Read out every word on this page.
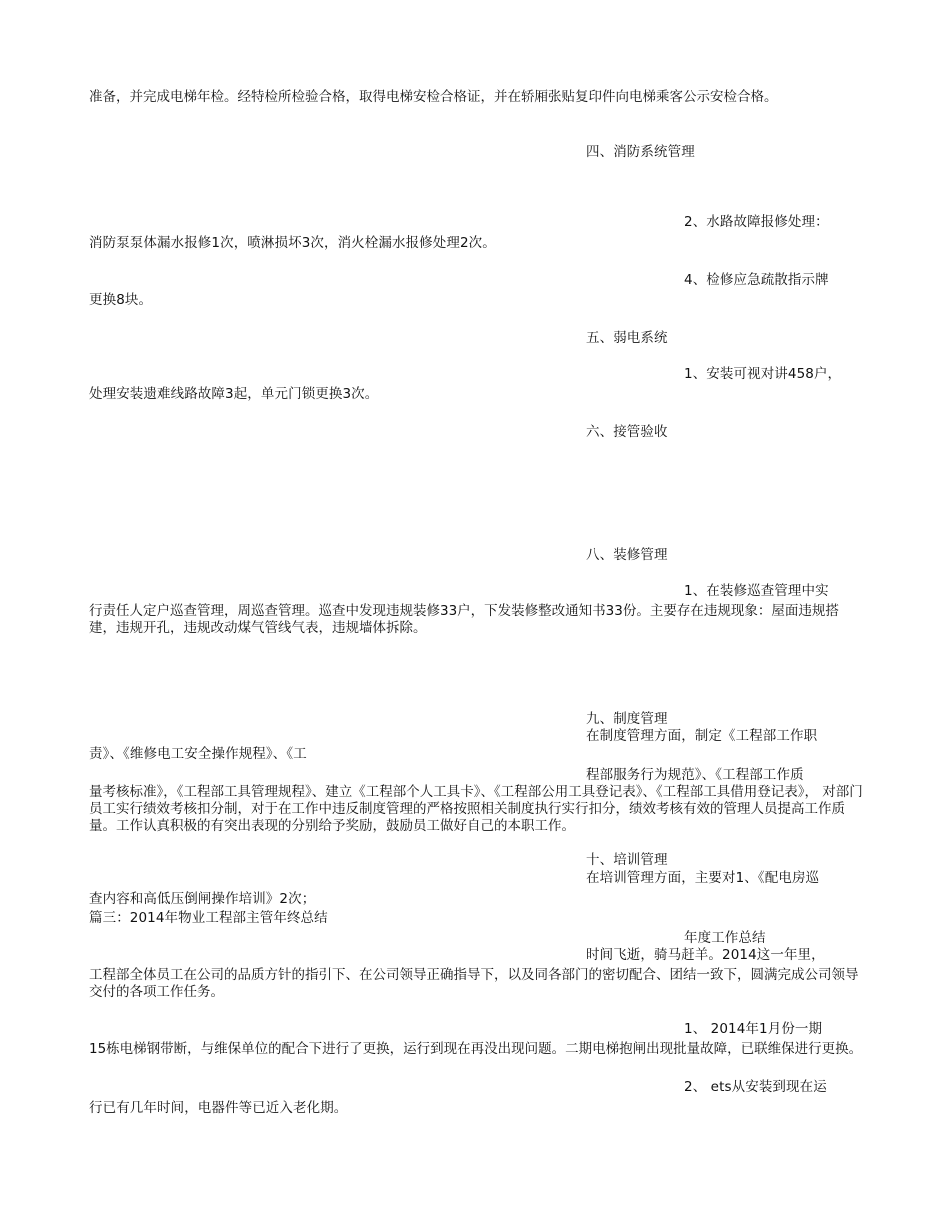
准备，并完成电梯年检。经特检所检验合格，取得电梯安检合格证，并在轿厢张贴复印件向电梯乘客公示安检合格。
四、消防系统管理
2、水路故障报修处理：
消防泵泵体漏水报修1次，喷淋损坏3次，消火栓漏水报修处理2次。
4、检修应急疏散指示牌
更换8块。
五、弱电系统
1、安装可视对讲458户，
处理安装遗难线路故障3起，单元门锁更换3次。
六、接管验收
八、装修管理
1、在装修巡查管理中实
行责任人定户巡查管理，周巡查管理。巡查中发现违规装修33户，下发装修整改通知书33份。主要存在违规现象：屋面违规搭建，违规开孔，违规改动煤气管线气表，违规墙体拆除。
九、制度管理
在制度管理方面，制定《工程部工作职
责》、《维修电工安全操作规程》、《工
程部服务行为规范》、《工程部工作质
量考核标准》，《工程部工具管理规程》、建立《工程部个人工具卡》、《工程部公用工具登记表》、《工程部工具借用登记表》， 对部门员工实行绩效考核扣分制，对于在工作中违反制度管理的严格按照相关制度执行实行扣分，绩效考核有效的管理人员提高工作质量。工作认真积极的有突出表现的分别给予奖励，鼓励员工做好自己的本职工作。
十、培训管理
在培训管理方面，主要对1、《配电房巡
查内容和高低压倒闸操作培训》2次；
篇三：2014年物业工程部主管年终总结
年度工作总结
时间飞逝，骑马赶羊。2014这一年里，
工程部全体员工在公司的品质方针的指引下、在公司领导正确指导下，以及同各部门的密切配合、团结一致下，圆满完成公司领导交付的各项工作任务。
1、 2014年1月份一期
15栋电梯钢带断，与维保单位的配合下进行了更换，运行到现在再没出现问题。二期电梯抱闸出现批量故障，已联维保进行更换。
2、 ets从安装到现在运
行已有几年时间，电器件等已近入老化期。
